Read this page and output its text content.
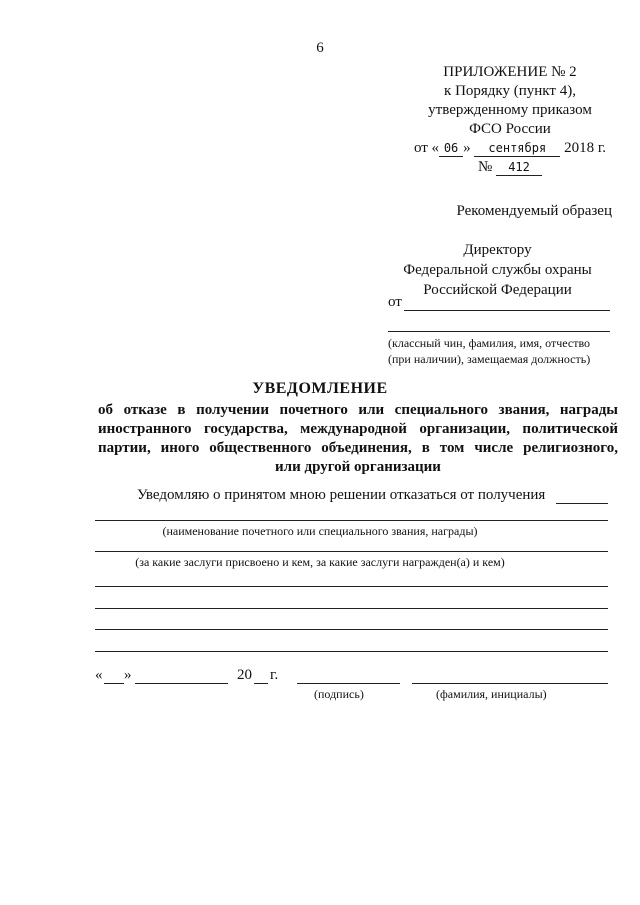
6
ПРИЛОЖЕНИЕ № 2
к Порядку (пункт 4),
утвержденному приказом
ФСО России
от « 06 » сентября 2018 г.
№ 412
Рекомендуемый образец
Директору
Федеральной службы охраны
Российской Федерации
от
(классный чин, фамилия, имя, отчество
(при наличии), замещаемая должность)
УВЕДОМЛЕНИЕ
об отказе в получении почетного или специального звания, награды
иностранного государства, международной организации, политической
партии, иного общественного объединения, в том числе религиозного,
или другой организации
Уведомляю о принятом мною решении отказаться от получения
(наименование почетного или специального звания, награды)
(за какие заслуги присвоено и кем, за какие заслуги награжден(а) и кем)
« »	20 г.
(подпись)	(фамилия, инициалы)
